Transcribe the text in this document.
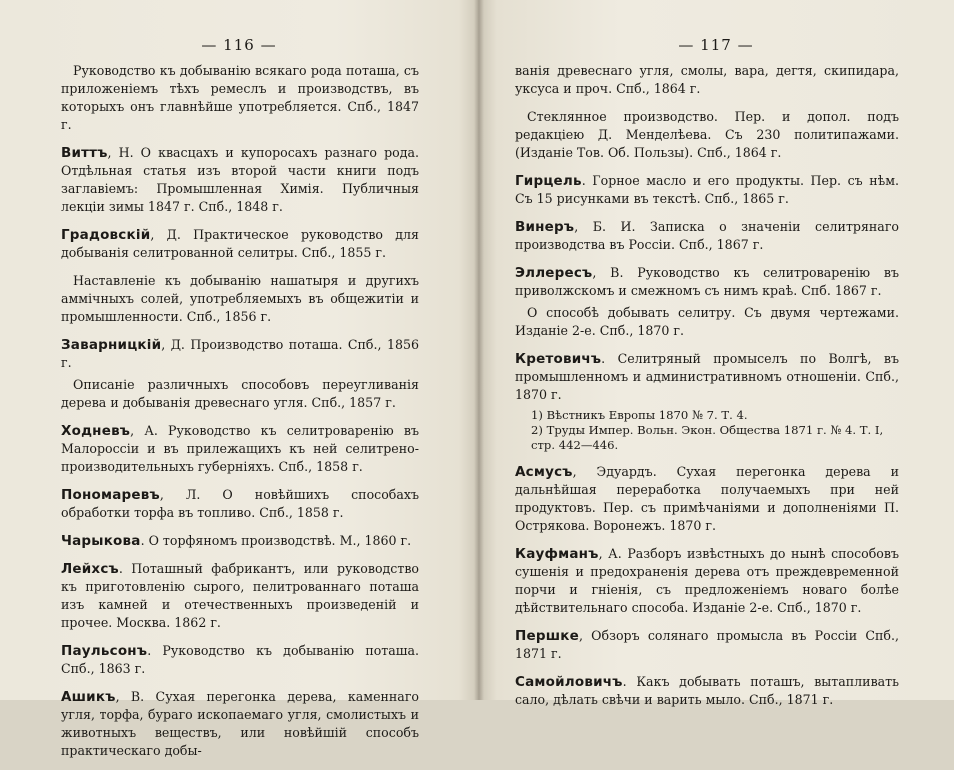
— 116 —

Руководство къ добыванію всякаго рода поташа, съ приложеніемъ тѣхъ ремеслъ и производствъ, въ которыхъ онъ главнѣйше употребляется. Спб., 1847 г.

Виттъ, Н. О квасцахъ и купоросахъ разнаго рода. Отдѣльная статья изъ второй части книги подъ заглавіемъ: Промышленная Химія. Публичныя лекціи зимы 1847 г. Спб., 1848 г.

Градовскій, Д. Практическое руководство для добыванія селитрованной селитры. Спб., 1855 г.

Наставленіе къ добыванію нашатыря и другихъ аммічныхъ солей, употребляемыхъ въ общежитіи и промышленности. Спб., 1856 г.

Заварницкій, Д. Производство поташа. Спб., 1856 г.

Описаніе различныхъ способовъ переугливанія дерева и добыванія древеснаго угля. Спб., 1857 г.

Ходневъ, А. Руководство къ селитроваренію въ Малороссіи и въ прилежащихъ къ ней селитрено-производительныхъ губерніяхъ. Спб., 1858 г.

Пономаревъ, Л. О новѣйшихъ способахъ обработки торфа въ топливо. Спб., 1858 г.

Чарыкова. О торфяномъ производствѣ. М., 1860 г.

Лейхсъ. Поташный фабрикантъ, или руководство къ приготовленію сырого, пелитрованнаго поташа изъ камней и отечественныхъ произведеній и прочее. Москва. 1862 г.

Паульсонъ. Руководство къ добыванію поташа. Спб., 1863 г.

Ашикъ, В. Сухая перегонка дерева, каменнаго угля, торфа, бураго ископаемаго угля, смолистыхъ и животныхъ веществъ, или новѣйшій способъ практическаго добы-

— 117 —

ванія древеснаго угля, смолы, вара, дегтя, скипидара, уксуса и проч. Спб., 1864 г.

Стеклянное производство. Пер. и допол. подъ редакціею Д. Менделѣева. Съ 230 политипажами. (Изданіе Тов. Об. Пользы). Спб., 1864 г.

Гирцель. Горное масло и его продукты. Пер. съ нѣм. Съ 15 рисунками въ текстѣ. Спб., 1865 г.

Винеръ, Б. И. Записка о значеніи селитрянаго производства въ Россіи. Спб., 1867 г.

Эллересъ, В. Руководство къ селитроваренію въ приволжскомъ и смежномъ съ нимъ краѣ. Спб. 1867 г.

О способѣ добывать селитру. Съ двумя чертежами. Изданіе 2-е. Спб., 1870 г.

Кретовичъ. Селитряный промыселъ по Волгѣ, въ промышленномъ и административномъ отношеніи. Спб., 1870 г.

1) Вѣстникъ Европы 1870 № 7. Т. 4.
2) Труды Импер. Вольн. Экон. Общества 1871 г. № 4. Т. I, стр. 442—446.

Асмусъ, Эдуардъ. Сухая перегонка дерева и дальнѣйшая переработка получаемыхъ при ней продуктовъ. Пер. съ примѣчаніями и дополненіями П. Острякова. Воронежъ. 1870 г.

Кауфманъ, А. Разборъ извѣстныхъ до нынѣ способовъ сушенія и предохраненія дерева отъ преждевременной порчи и гніенія, съ предложеніемъ новаго болѣе дѣйствительнаго способа. Изданіе 2-е. Спб., 1870 г.

Першке, Обзоръ солянаго промысла въ Россіи Спб., 1871 г.

Самойловичъ. Какъ добывать поташъ, вытапливать сало, дѣлать свѣчи и варить мыло. Спб., 1871 г.
